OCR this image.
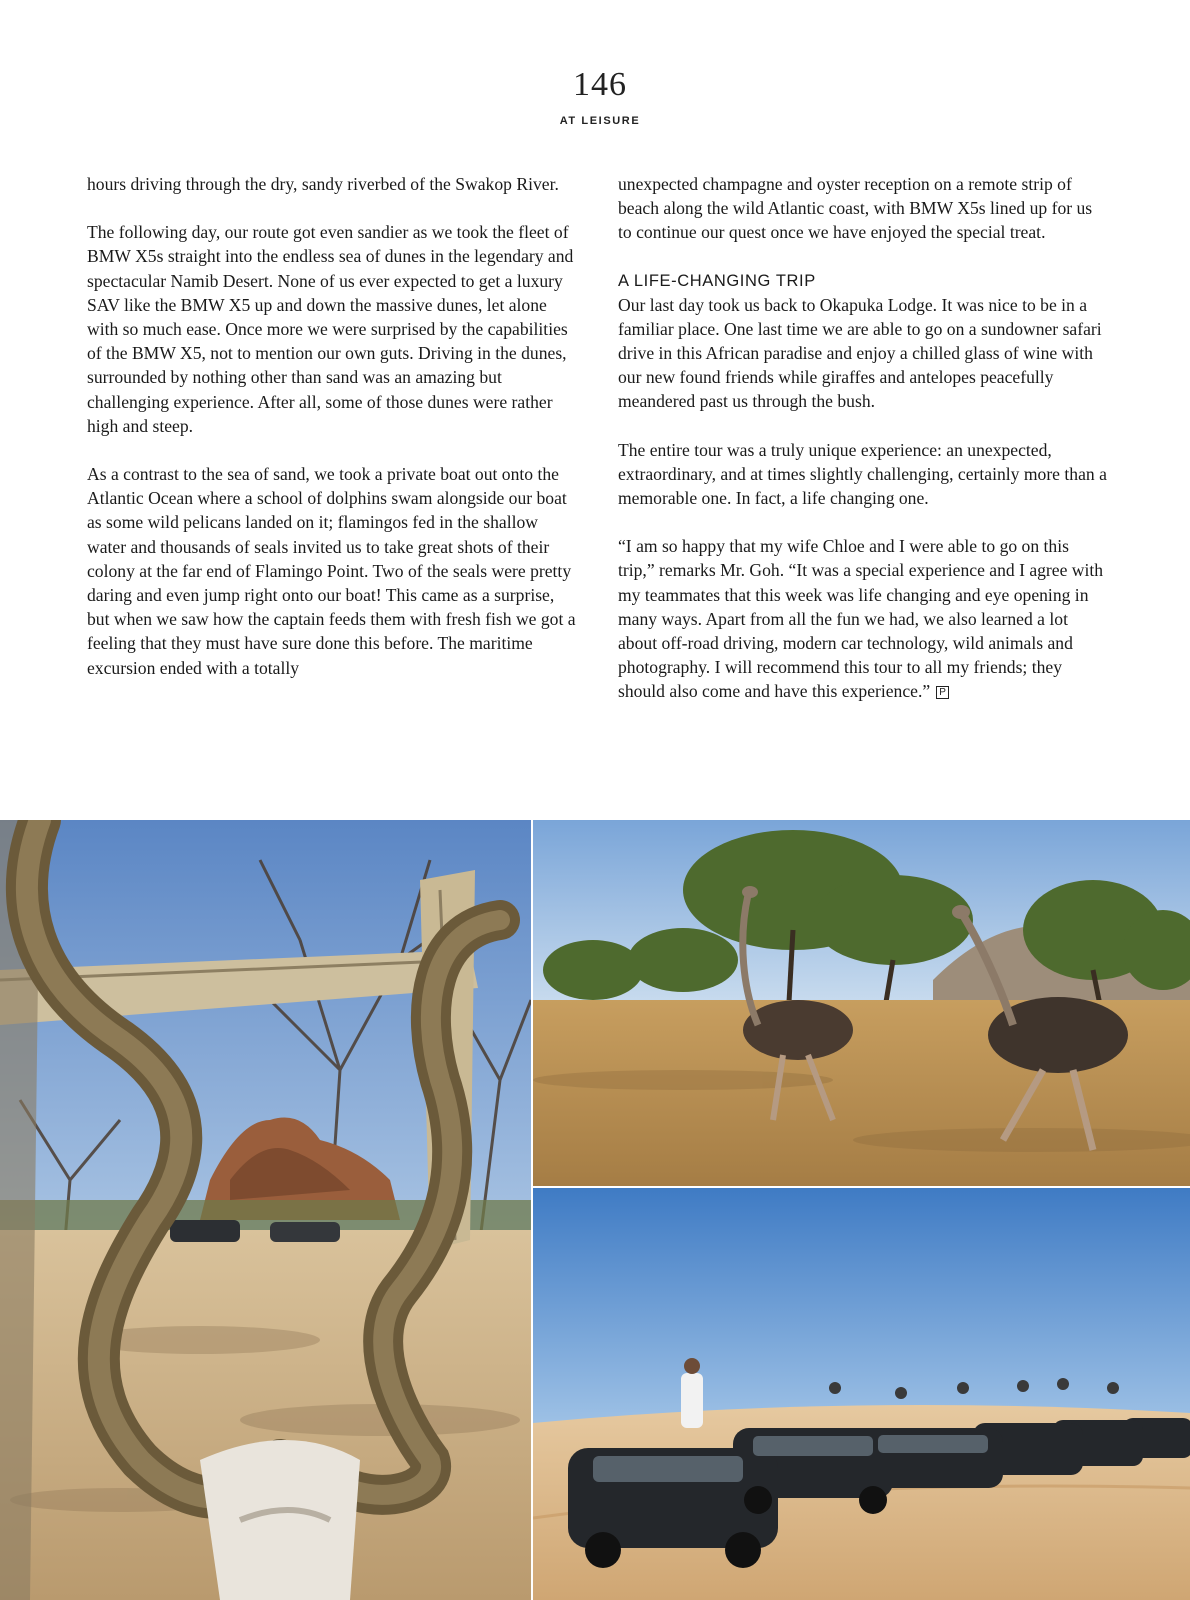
146
AT LEISURE

hours driving through the dry, sandy riverbed of the Swakop River.

The following day, our route got even sandier as we took the fleet of BMW X5s straight into the endless sea of dunes in the legendary and spectacular Namib Desert. None of us ever expected to get a luxury SAV like the BMW X5 up and down the massive dunes, let alone with so much ease. Once more we were surprised by the capabilities of the BMW X5, not to mention our own guts. Driving in the dunes, surrounded by nothing other than sand was an amazing but challenging experience. After all, some of those dunes were rather high and steep.

As a contrast to the sea of sand, we took a private boat out onto the Atlantic Ocean where a school of dolphins swam alongside our boat as some wild pelicans landed on it; flamingos fed in the shallow water and thousands of seals invited us to take great shots of their colony at the far end of Flamingo Point. Two of the seals were pretty daring and even jump right onto our boat! This came as a surprise, but when we saw how the captain feeds them with fresh fish we got a feeling that they must have sure done this before. The maritime excursion ended with a totally

unexpected champagne and oyster reception on a remote strip of beach along the wild Atlantic coast, with BMW X5s lined up for us to continue our quest once we have enjoyed the special treat.

A LIFE-CHANGING TRIP

Our last day took us back to Okapuka Lodge. It was nice to be in a familiar place. One last time we are able to go on a sundowner safari drive in this African paradise and enjoy a chilled glass of wine with our new found friends while giraffes and antelopes peacefully meandered past us through the bush.

The entire tour was a truly unique experience: an unexpected, extraordinary, and at times slightly challenging, certainly more than a memorable one. In fact, a life changing one.

“I am so happy that my wife Chloe and I were able to go on this trip,” remarks Mr. Goh. “It was a special experience and I agree with my teammates that this week was life changing and eye opening in many ways. Apart from all the fun we had, we also learned a lot about off-road driving, modern car technology, wild animals and photography. I will recommend this tour to all my friends; they should also come and have this experience.” P
